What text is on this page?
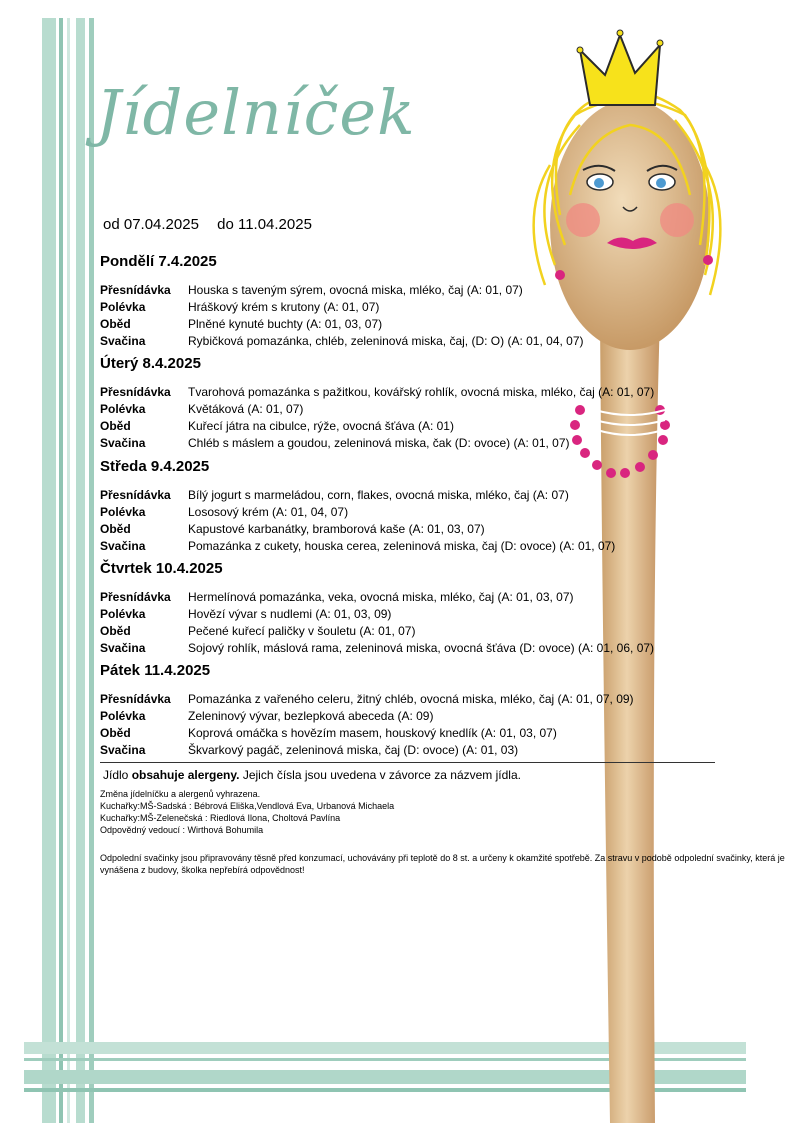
Jídelníček
od 07.04.2025 do 11.04.2025
Pondělí 7.4.2025
Přesnídávka	Houska s taveným sýrem, ovocná miska, mléko, čaj (A: 01, 07)
Polévka	Hráškový krém s krutony (A: 01, 07)
Oběd	Plněné kynuté buchty (A: 01, 03, 07)
Svačina	Rybičková pomazánka, chléb, zeleninová miska, čaj, (D: O) (A: 01, 04, 07)
Úterý 8.4.2025
Přesnídávka	Tvarohová pomazánka s pažitkou, kovářský rohlík, ovocná miska, mléko, čaj (A: 01, 07)
Polévka	Květáková (A: 01, 07)
Oběd	Kuřecí játra na cibulce, rýže, ovocná šťáva (A: 01)
Svačina	Chléb s máslem a goudou, zeleninová miska, čak (D: ovoce) (A: 01, 07)
Středa 9.4.2025
Přesnídávka	Bílý jogurt s marmeládou, corn, flakes, ovocná miska, mléko, čaj (A: 07)
Polévka	Lososový krém (A: 01, 04, 07)
Oběd	Kapustové karbanátky, bramborová kaše (A: 01, 03, 07)
Svačina	Pomazánka z cukety, houska cerea, zeleninová miska, čaj (D: ovoce) (A: 01, 07)
Čtvrtek 10.4.2025
Přesnídávka	Hermelínová pomazánka, veka, ovocná miska, mléko, čaj (A: 01, 03, 07)
Polévka	Hovězí vývar s nudlemi (A: 01, 03, 09)
Oběd	Pečené kuřecí paličky v šouletu (A: 01, 07)
Svačina	Sojový rohlík, máslová rama, zeleninová miska, ovocná šťáva (D: ovoce) (A: 01, 06, 07)
Pátek 11.4.2025
Přesnídávka	Pomazánka z vařeného celeru, žitný chléb, ovocná miska, mléko, čaj (A: 01, 07, 09)
Polévka	Zeleninový vývar, bezlepková abeceda (A: 09)
Oběd	Koprová omáčka s hovězím masem, houskový knedlík (A: 01, 03, 07)
Svačina	Škvarkový pagáč, zeleninová miska, čaj (D: ovoce) (A: 01, 03)
Jídlo obsahuje alergeny. Jejich čísla jsou uvedena v závorce za názvem jídla.
Změna jídelníčku a alergenů vyhrazena.
Kuchařky:MŠ-Sadská : Bébrová Eliška,Vendlová Eva, Urbanová Michaela
Kuchařky:MŠ-Zelenečská : Riedlová Ilona, Choltová Pavlína
Odpovědný vedoucí : Wirthová Bohumila
Odpolední svačinky jsou připravovány těsně před konzumací, uchovávány při teplotě do 8 st. a určeny k okamžité spotřebě. Za stravu v podobě odpolední svačinky, která je vynášena z budovy, školka nepřebírá odpovědnost!
